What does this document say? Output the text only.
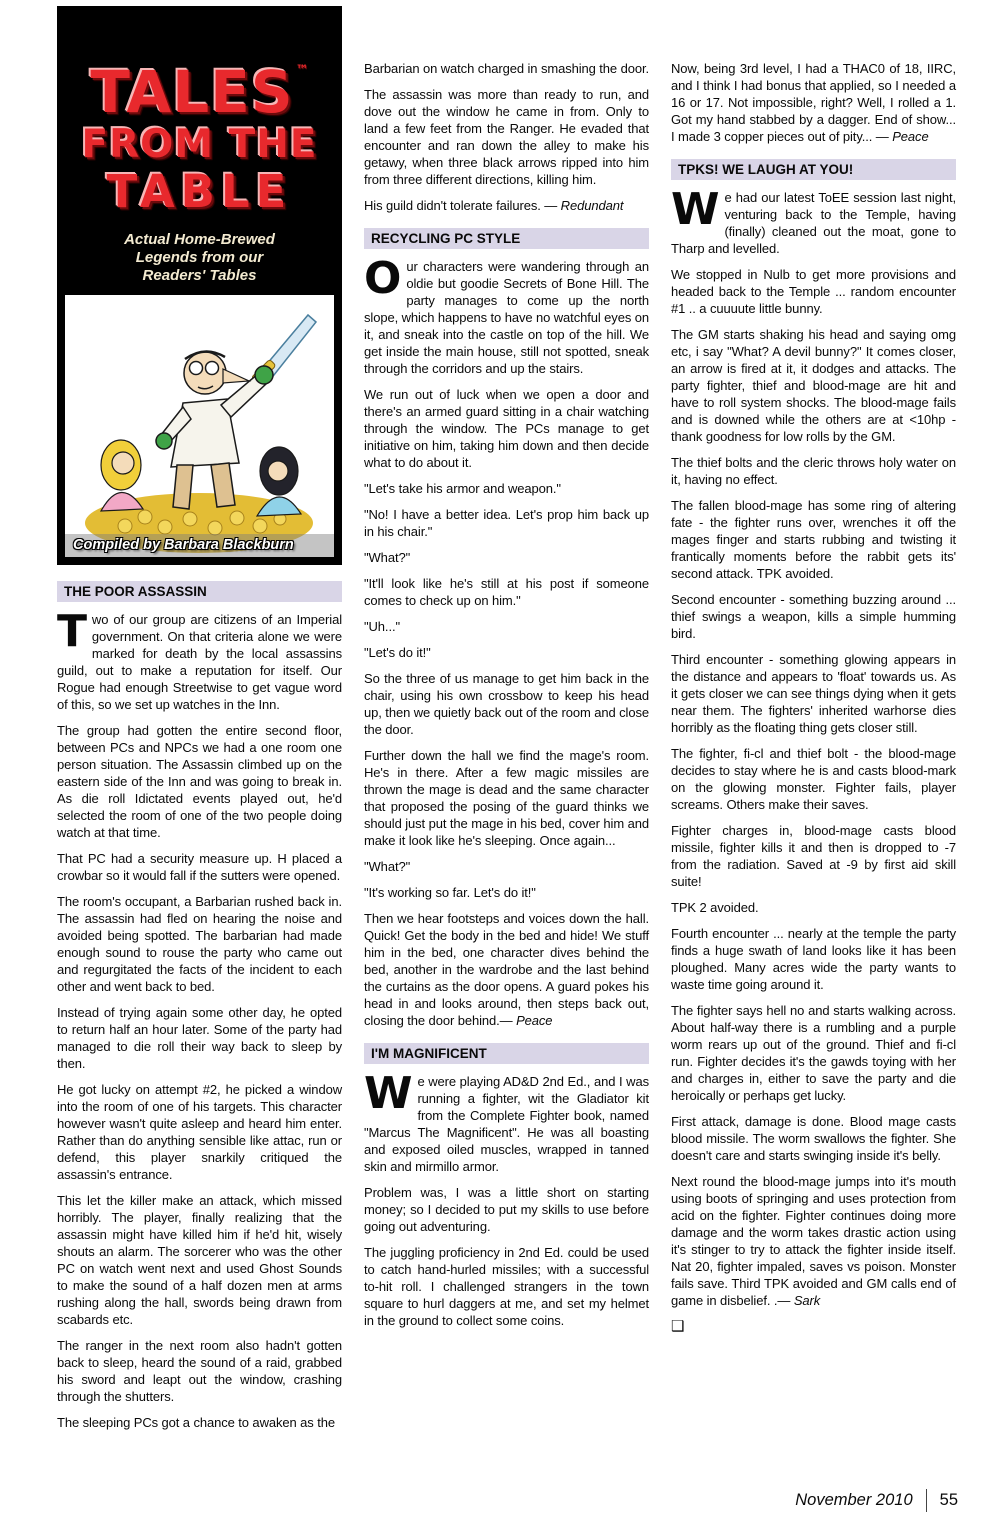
TALES ™
FROM THE
TABLE
Actual Home-Brewed
Legends from our
Readers' Tables
Compiled by Barbara Blackburn
THE POOR ASSASSIN

Two of our group are citizens of an Imperial government. On that criteria alone we were marked for death by the local assassins guild, out to make a reputation for itself. Our Rogue had enough Streetwise to get vague word of this, so we set up watches in the Inn.

The group had gotten the entire second floor, between PCs and NPCs we had a one room one person situation. The Assassin climbed up on the eastern side of the Inn and was going to break in. As die roll Idictated events played out, he'd selected the room of one of the two people doing watch at that time.

That PC had a security measure up. H placed a crowbar so it would fall if the sutters were opened.

The room's occupant, a Barbarian rushed back in. The assassin had fled on hearing the noise and avoided being spotted. The barbarian had made enough sound to rouse the party who came out and regurgitated the facts of the incident to each other and went back to bed.

Instead of trying again some other day, he opted to return half an hour later. Some of the party had managed to die roll their way back to sleep by then.

He got lucky on attempt #2, he picked a window into the room of one of his targets. This character however wasn't quite asleep and heard him enter. Rather than do anything sensible like attac, run or defend, this player snarkily critiqued the assassin's entrance.

This let the killer make an attack, which missed horribly. The player, finally realizing that the assassin might have killed him if he'd hit, wisely shouts an alarm. The sorcerer who was the other PC on watch went next and used Ghost Sounds to make the sound of a half dozen men at arms rushing along the hall, swords being drawn from scabards etc.

The ranger in the next room also hadn't gotten back to sleep, heard the sound of a raid, grabbed his sword and leapt out the window, crashing through the shutters.

The sleeping PCs got a chance to awaken as the

Barbarian on watch charged in smashing the door.

The assassin was more than ready to run, and dove out the window he came in from. Only to land a few feet from the Ranger. He evaded that encounter and ran down the alley to make his getawy, when three black arrows ripped into him from three different directions, killing him.

His guild didn't tolerate failures. — Redundant

RECYCLING PC STYLE

Our characters were wandering through an oldie but goodie Secrets of Bone Hill. The party manages to come up the north slope, which happens to have no watchful eyes on it, and sneak into the castle on top of the hill. We get inside the main house, still not spotted, sneak through the corridors and up the stairs.

We run out of luck when we open a door and there's an armed guard sitting in a chair watching through the window. The PCs manage to get initiative on him, taking him down and then decide what to do about it.

"Let's take his armor and weapon."

"No! I have a better idea. Let's prop him back up in his chair."

"What?"

"It'll look like he's still at his post if someone comes to check up on him."

"Uh..."

"Let's do it!"

So the three of us manage to get him back in the chair, using his own crossbow to keep his head up, then we quietly back out of the room and close the door.

Further down the hall we find the mage's room. He's in there. After a few magic missiles are thrown the mage is dead and the same character that proposed the posing of the guard thinks we should just put the mage in his bed, cover him and make it look like he's sleeping. Once again...

"What?"

"It's working so far. Let's do it!"

Then we hear footsteps and voices down the hall. Quick! Get the body in the bed and hide! We stuff him in the bed, one character dives behind the bed, another in the wardrobe and the last behind the curtains as the door opens. A guard pokes his head in and looks around, then steps back out, closing the door behind.— Peace

I'M MAGNIFICENT

We were playing AD&D 2nd Ed., and I was running a fighter, wit the Gladiator kit from the Complete Fighter book, named "Marcus The Magnificent". He was all boasting and exposed oiled muscles, wrapped in tanned skin and mirmillo armor.

Problem was, I was a little short on starting money; so I decided to put my skills to use before going out adventuring.

The juggling proficiency in 2nd Ed. could be used to catch hand-hurled missiles; with a successful to-hit roll. I challenged strangers in the town square to hurl daggers at me, and set my helmet in the ground to collect some coins.

Now, being 3rd level, I had a THAC0 of 18, IIRC, and I think I had bonus that applied, so I needed a 16 or 17. Not impossible, right? Well, I rolled a 1. Got my hand stabbed by a dagger. End of show... I made 3 copper pieces out of pity... — Peace

TPKS! WE LAUGH AT YOU!

We had our latest ToEE session last night, venturing back to the Temple, having (finally) cleaned out the moat, gone to Tharp and levelled.

We stopped in Nulb to get more provisions and headed back to the Temple ... random encounter #1 .. a cuuuute little bunny.

The GM starts shaking his head and saying omg etc, i say "What? A devil bunny?" It comes closer, an arrow is fired at it, it dodges and attacks. The party fighter, thief and blood-mage are hit and have to roll system shocks. The blood-mage fails and is downed while the others are at <10hp - thank goodness for low rolls by the GM.

The thief bolts and the cleric throws holy water on it, having no effect.

The fallen blood-mage has some ring of altering fate - the fighter runs over, wrenches it off the mages finger and starts rubbing and twisting it frantically moments before the rabbit gets its' second attack. TPK avoided.

Second encounter - something buzzing around ... thief swings a weapon, kills a simple humming bird.

Third encounter - something glowing appears in the distance and appears to 'float' towards us. As it gets closer we can see things dying when it gets near them. The fighters' inherited warhorse dies horribly as the floating thing gets closer still.

The fighter, fi-cl and thief bolt - the blood-mage decides to stay where he is and casts blood-mark on the glowing monster. Fighter fails, player screams. Others make their saves.

Fighter charges in, blood-mage casts blood missile, fighter kills it and then is dropped to -7 from the radiation. Saved at -9 by first aid skill suite!

TPK 2 avoided.

Fourth encounter ... nearly at the temple the party finds a huge swath of land looks like it has been ploughed. Many acres wide the party wants to waste time going around it.

The fighter says hell no and starts walking across. About half-way there is a rumbling and a purple worm rears up out of the ground. Thief and fi-cl run. Fighter decides it's the gawds toying with her and charges in, either to save the party and die heroically or perhaps get lucky.

First attack, damage is done. Blood mage casts blood missile. The worm swallows the fighter. She doesn't care and starts swinging inside it's belly.

Next round the blood-mage jumps into it's mouth using boots of springing and uses protection from acid on the fighter. Fighter continues doing more damage and the worm takes drastic action using it's stinger to try to attack the fighter inside itself. Nat 20, fighter impaled, saves vs poison. Monster fails save. Third TPK avoided and GM calls end of game in disbelief. .— Sark

❑

November 2010 55
